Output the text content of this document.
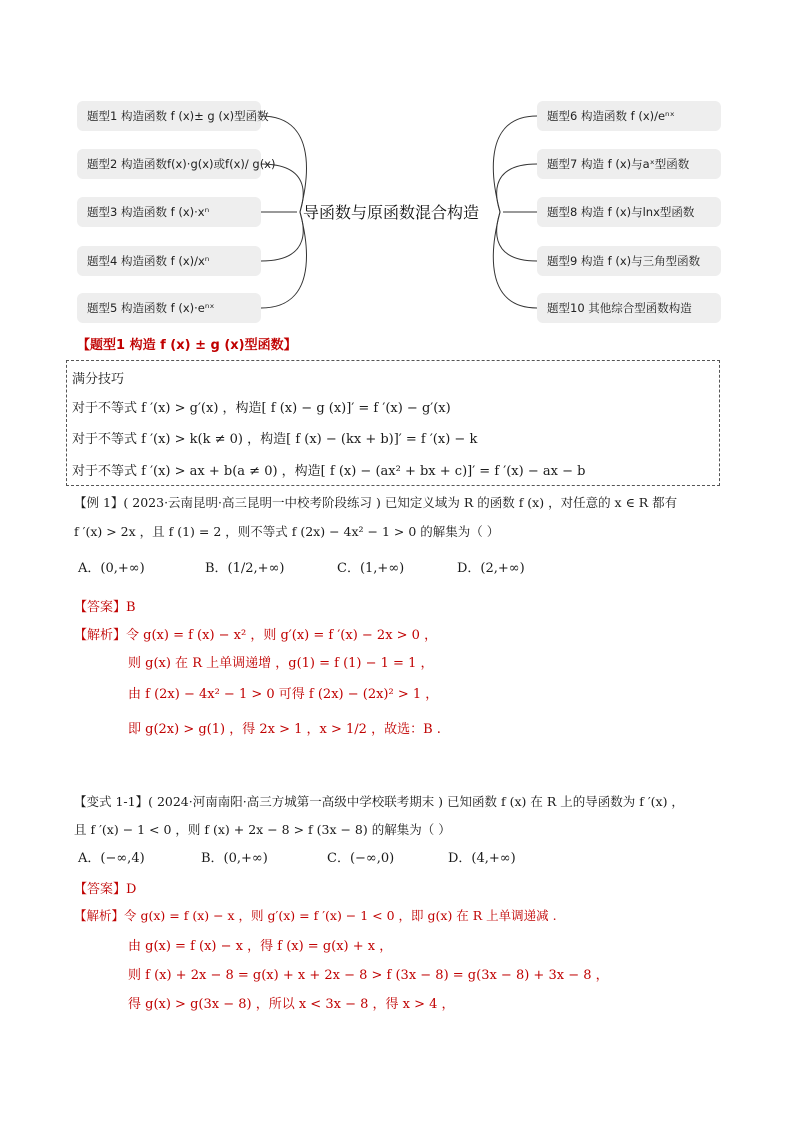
题型1 构造函数 f (x)± g (x)型函数
题型2 构造函数f(x)·g(x)或f(x)/ g(x)
题型3 构造函数 f (x)·xⁿ
题型4 构造函数 f (x)/xⁿ
题型5 构造函数 f (x)·eⁿˣ
导函数与原函数混合构造
题型6 构造函数 f (x)/eⁿˣ
题型7 构造 f (x)与aˣ型函数
题型8 构造 f (x)与lnx型函数
题型9 构造 f (x)与三角型函数
题型10 其他综合型函数构造
【题型1 构造 f (x) ± g (x)型函数】
满分技巧
对于不等式 f ′(x) > g′(x) ，构造[ f (x) − g (x)]′ = f ′(x) − g′(x)
对于不等式 f ′(x) > k(k ≠ 0) ，构造[ f (x) − (kx + b)]′ = f ′(x) − k
对于不等式 f ′(x) > ax + b(a ≠ 0) ，构造[ f (x) − (ax² + bx + c)]′ = f ′(x) − ax − b
【例 1】( 2023·云南昆明·高三昆明一中校考阶段练习 ) 已知定义域为 R 的函数 f (x) ，对任意的 x ∈ R 都有
f ′(x) > 2x ，且 f (1) = 2 ，则不等式 f (2x) − 4x² − 1 > 0 的解集为（ ）
A．(0,+∞)	B．(1/2,+∞)	C．(1,+∞)	D．(2,+∞)
【答案】B
【解析】令 g(x) = f (x) − x² ，则 g′(x) = f ′(x) − 2x > 0 ，
则 g(x) 在 R 上单调递增 ，g(1) = f (1) − 1 = 1 ，
由 f (2x) − 4x² − 1 > 0 可得 f (2x) − (2x)² > 1 ，
即 g(2x) > g(1) ，得 2x > 1 ，x > 1/2 ，故选：B .
【变式 1-1】( 2024·河南南阳·高三方城第一高级中学校联考期末 ) 已知函数 f (x) 在 R 上的导函数为 f ′(x) ，
且 f ′(x) − 1 < 0 ，则 f (x) + 2x − 8 > f (3x − 8) 的解集为（ ）
A．(−∞,4)	B．(0,+∞)	C．(−∞,0)	D．(4,+∞)
【答案】D
【解析】令 g(x) = f (x) − x ，则 g′(x) = f ′(x) − 1 < 0 ，即 g(x) 在 R 上单调递减 .
由 g(x) = f (x) − x ，得 f (x) = g(x) + x ，
则 f (x) + 2x − 8 = g(x) + x + 2x − 8 > f (3x − 8) = g(3x − 8) + 3x − 8 ，
得 g(x) > g(3x − 8) ，所以 x < 3x − 8 ，得 x > 4 ，
